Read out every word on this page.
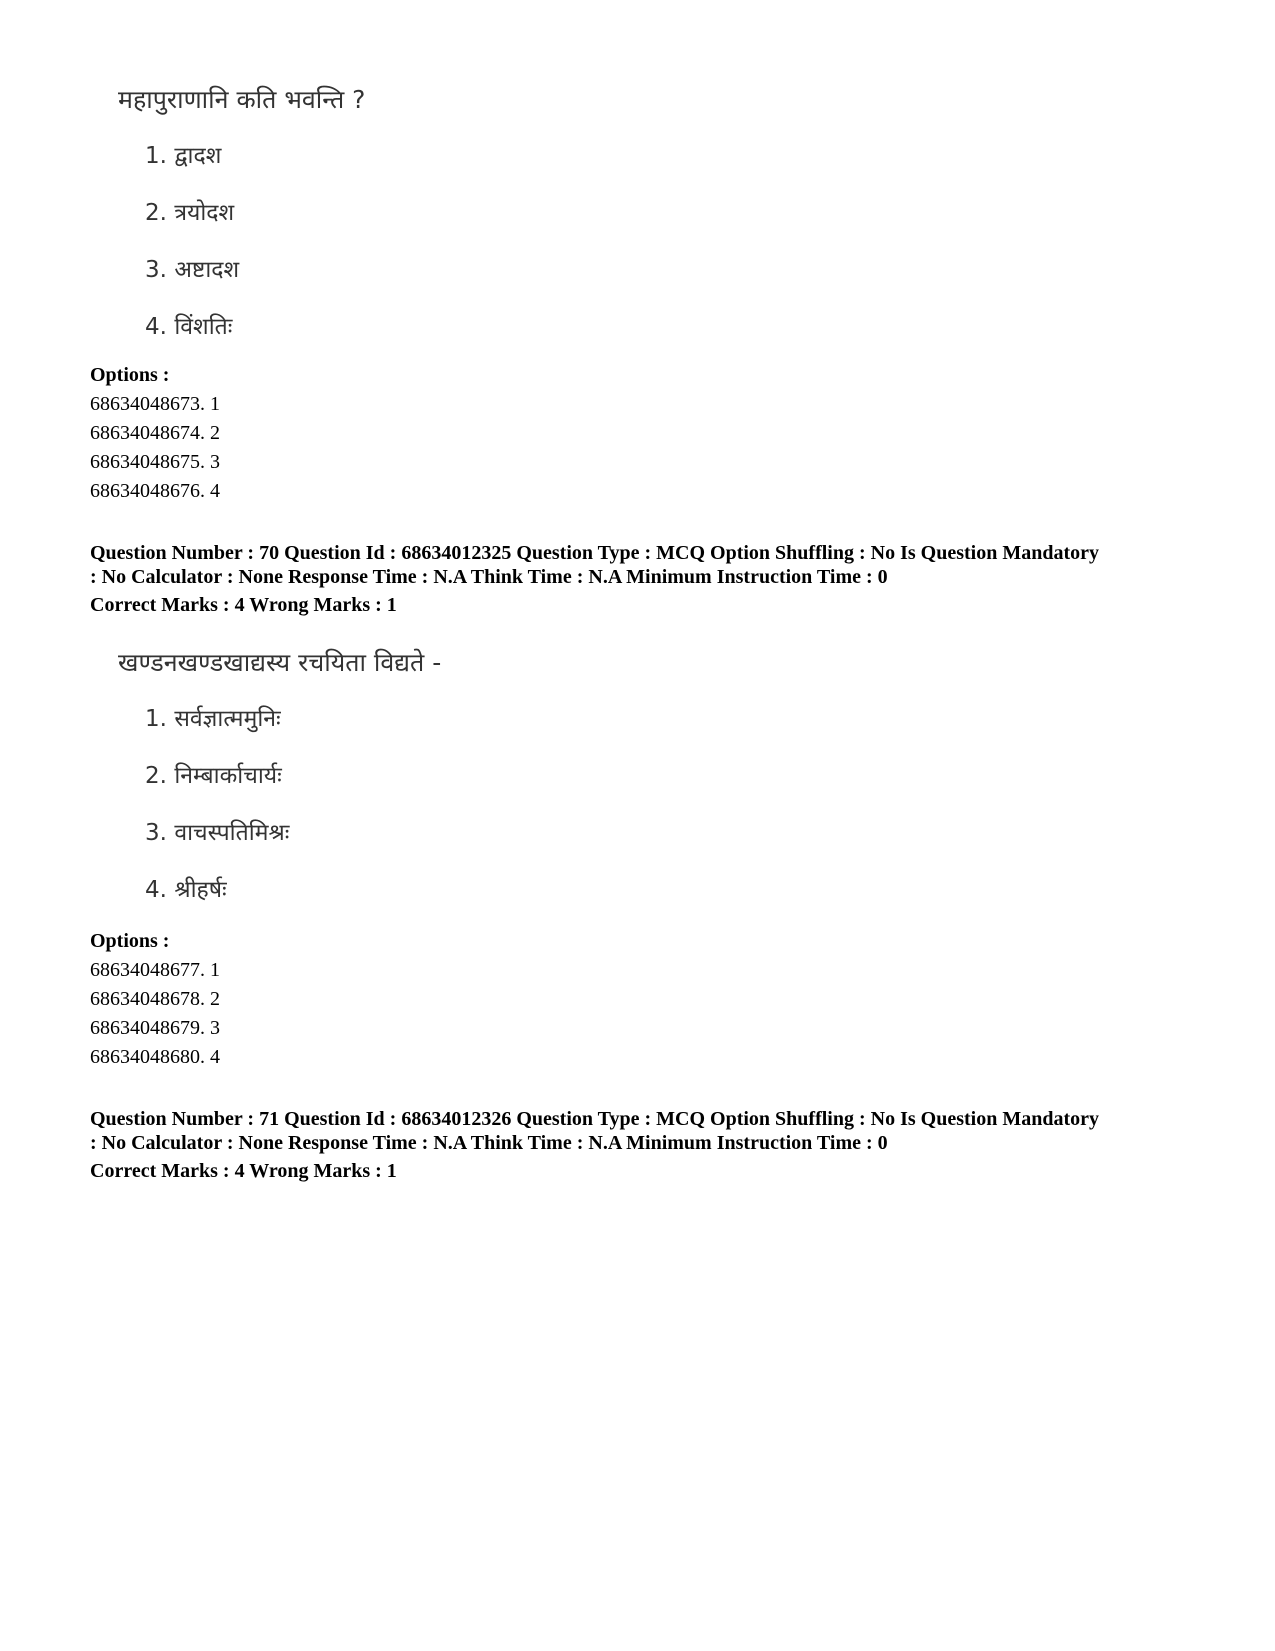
महापुराणानि कति भवन्ति ?
1. द्वादश
2. त्रयोदश
3. अष्टादश
4. विंशतिः
Options :
68634048673. 1
68634048674. 2
68634048675. 3
68634048676. 4
Question Number : 70 Question Id : 68634012325 Question Type : MCQ Option Shuffling : No Is Question Mandatory
: No Calculator : None Response Time : N.A Think Time : N.A Minimum Instruction Time : 0
Correct Marks : 4 Wrong Marks : 1
खण्डनखण्डखाद्यस्य रचयिता विद्यते -
1. सर्वज्ञात्ममुनिः
2. निम्बार्काचार्यः
3. वाचस्पतिमिश्रः
4. श्रीहर्षः
Options :
68634048677. 1
68634048678. 2
68634048679. 3
68634048680. 4
Question Number : 71 Question Id : 68634012326 Question Type : MCQ Option Shuffling : No Is Question Mandatory
: No Calculator : None Response Time : N.A Think Time : N.A Minimum Instruction Time : 0
Correct Marks : 4 Wrong Marks : 1
